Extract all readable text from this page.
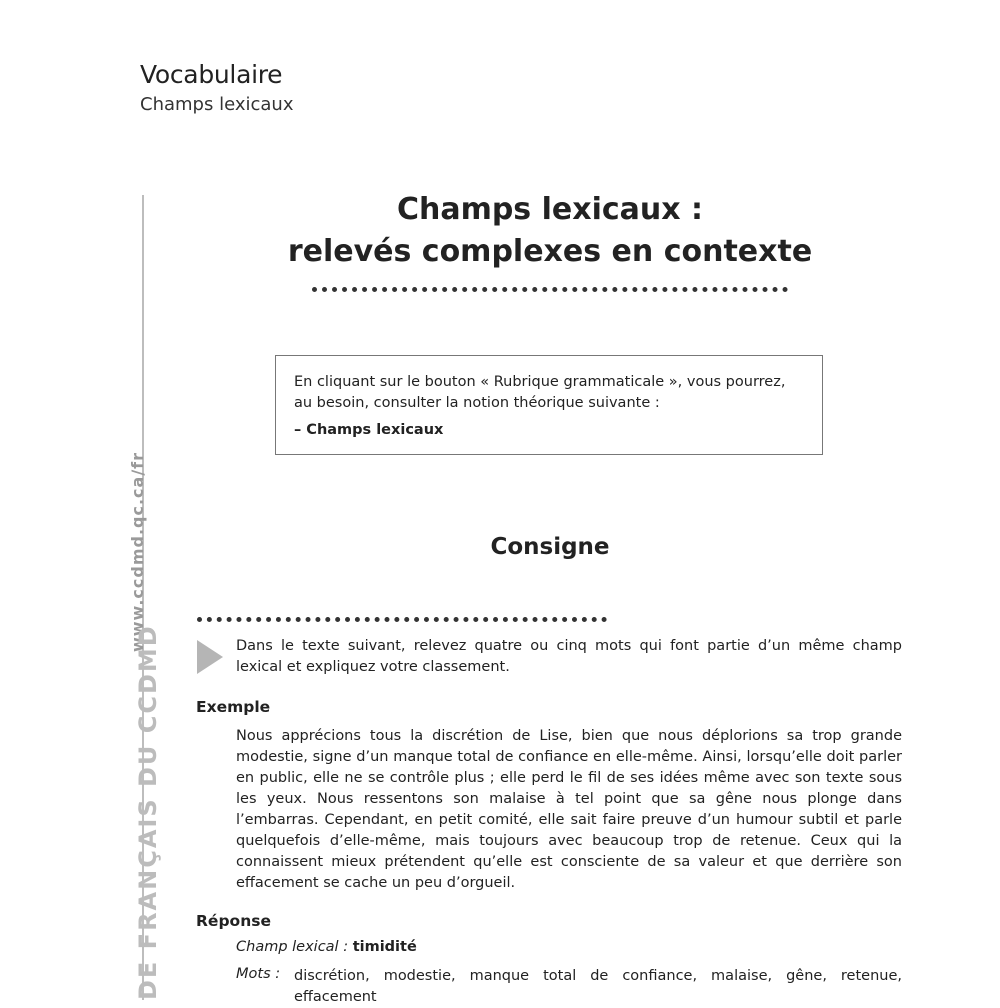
Vocabulaire
Champs lexicaux
www.ccdmd.qc.ca/fr
DE FRANÇAIS DU CCDMD
Champs lexicaux :
relevés complexes en contexte

En cliquant sur le bouton « Rubrique grammaticale », vous pourrez, au besoin, consulter la notion théorique suivante :

– Champs lexicaux

Consigne
Dans le texte suivant, relevez quatre ou cinq mots qui font partie d’un même champ lexical et expliquez votre classement.
Exemple
Nous apprécions tous la discrétion de Lise, bien que nous déplorions sa trop grande modestie, signe d’un manque total de confiance en elle-même. Ainsi, lorsqu’elle doit parler en public, elle ne se contrôle plus ; elle perd le fil de ses idées même avec son texte sous les yeux. Nous ressentons son malaise à tel point que sa gêne nous plonge dans l’embarras. Cependant, en petit comité, elle sait faire preuve d’un humour subtil et parle quelquefois d’elle-même, mais toujours avec beaucoup trop de retenue. Ceux qui la connaissent mieux prétendent qu’elle est consciente de sa valeur et que derrière son effacement se cache un peu d’orgueil.
Réponse
Champ lexical : timidité
Mots : discrétion, modestie, manque total de confiance, malaise, gêne, retenue, effacement
